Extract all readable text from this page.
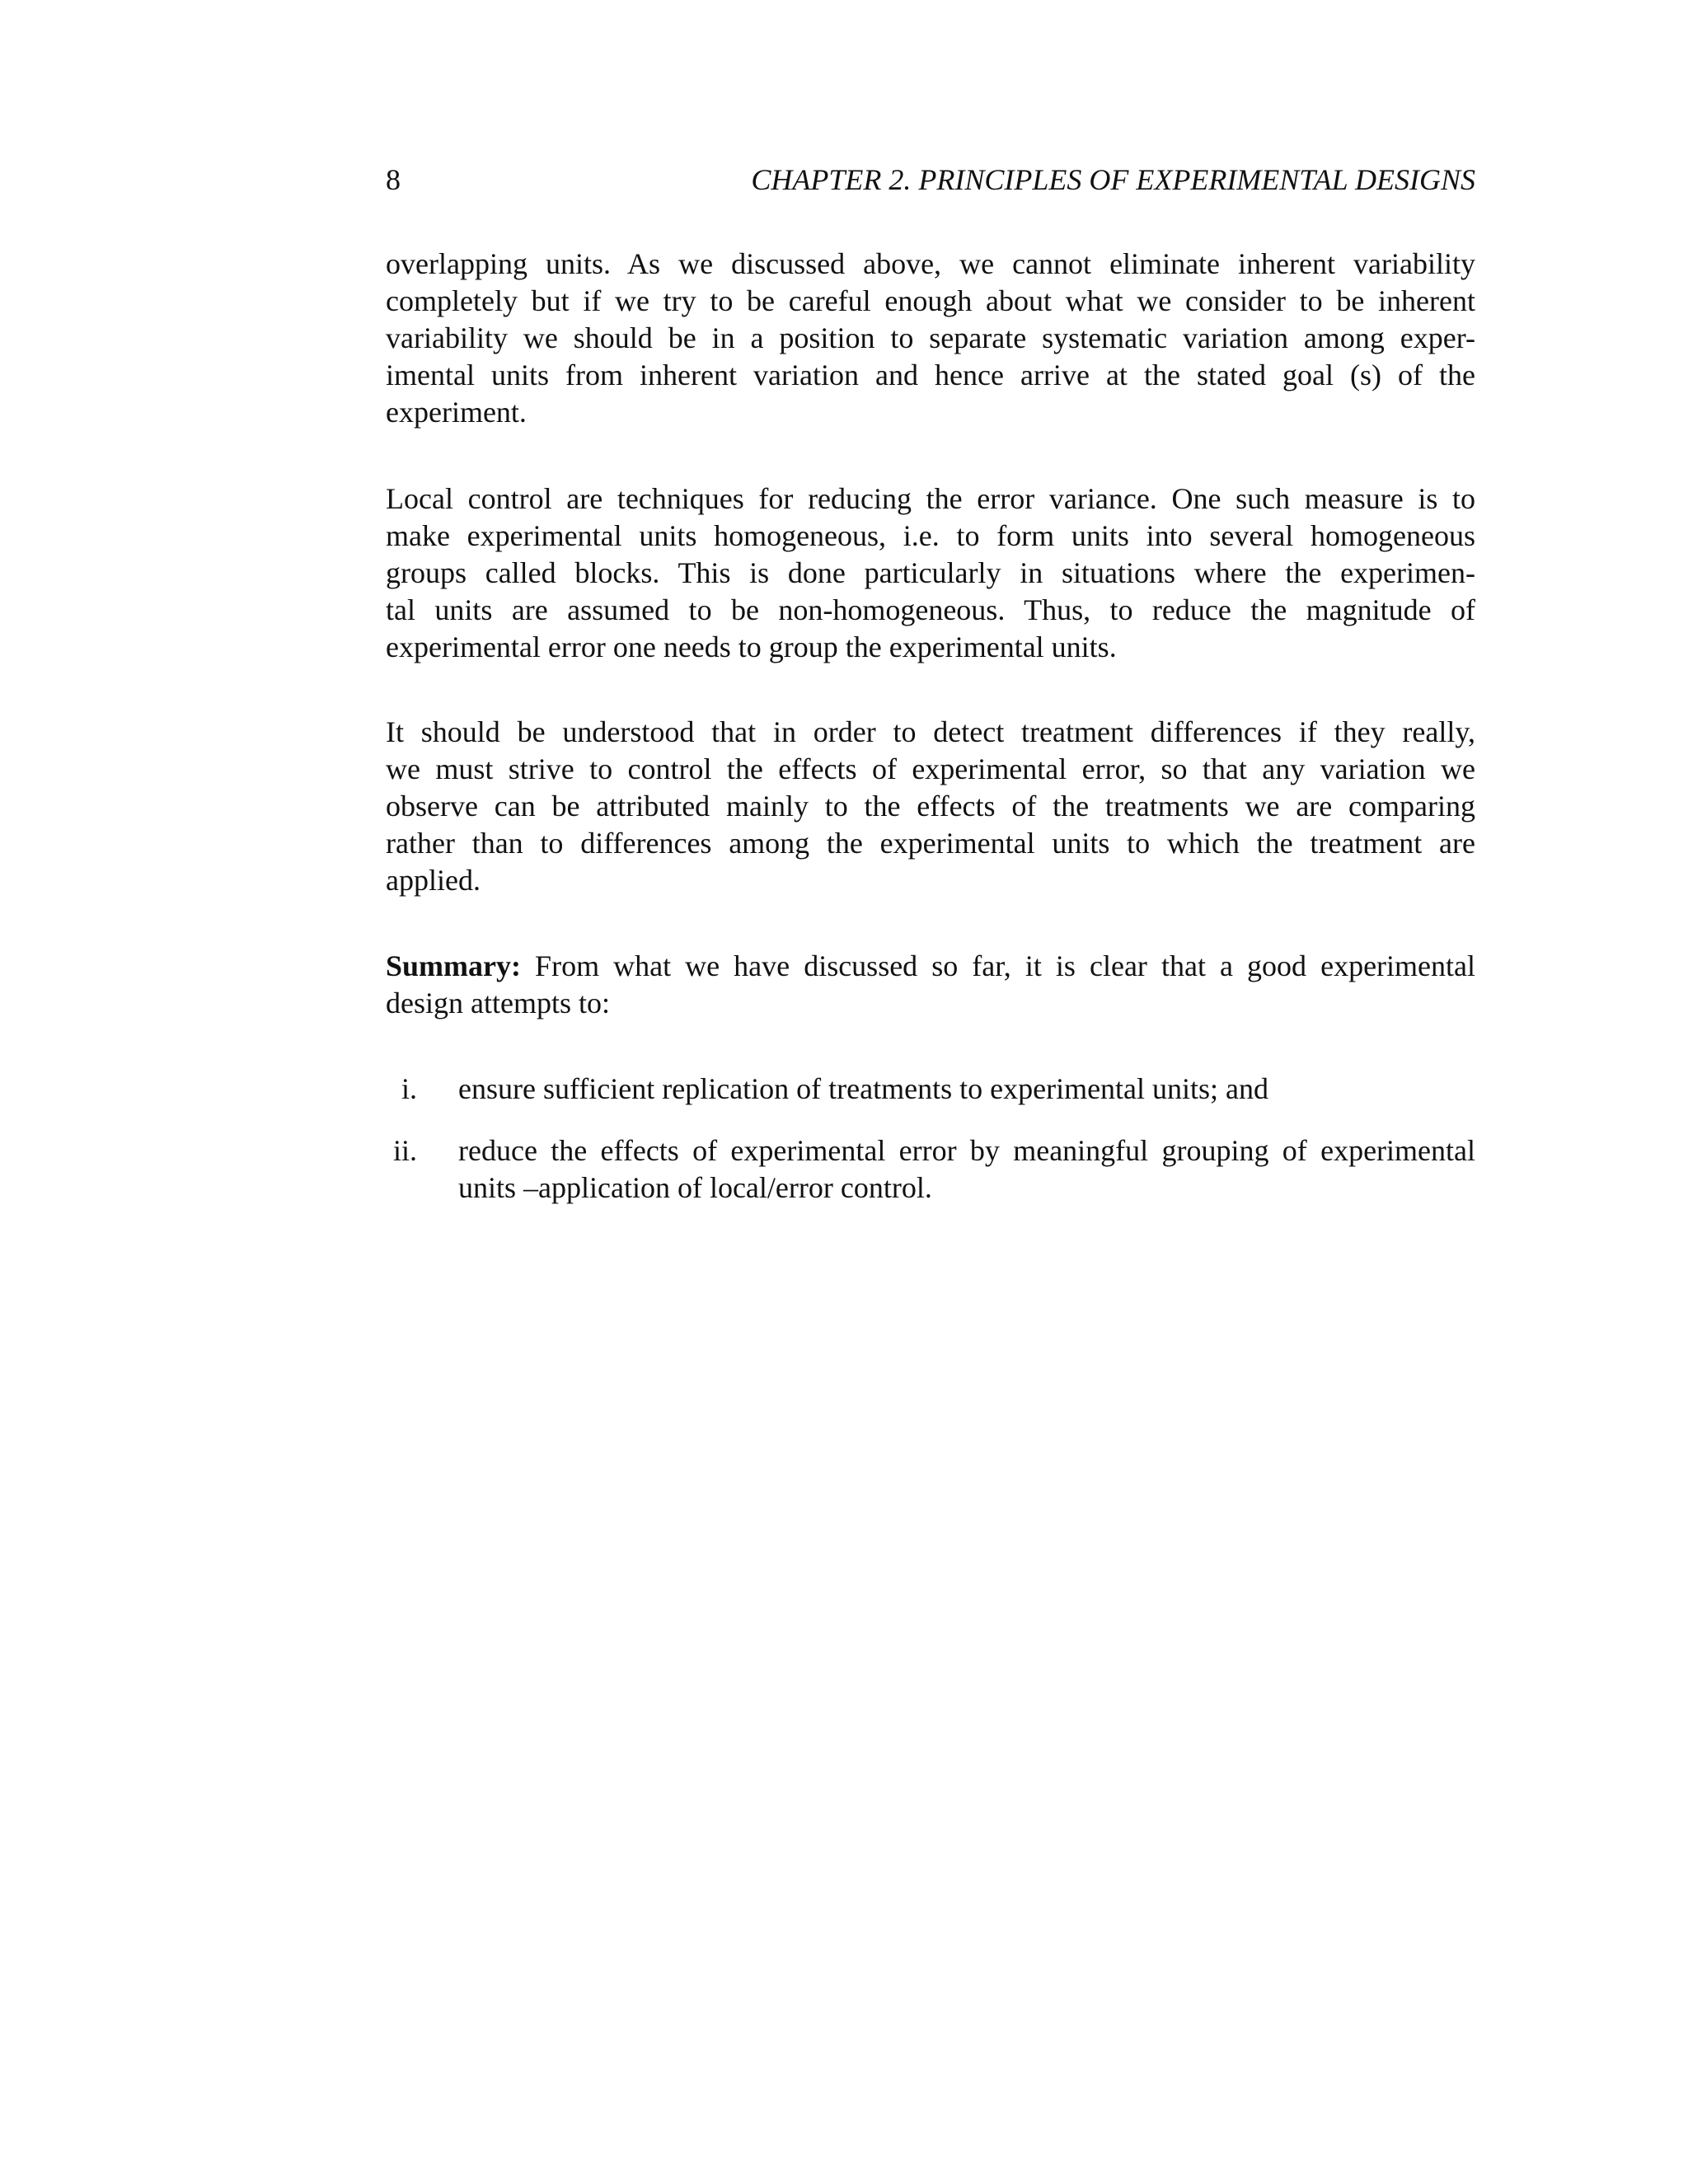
8	CHAPTER 2. PRINCIPLES OF EXPERIMENTAL DESIGNS
overlapping units. As we discussed above, we cannot eliminate inherent variability
completely but if we try to be careful enough about what we consider to be inherent
variability we should be in a position to separate systematic variation among exper-
imental units from inherent variation and hence arrive at the stated goal (s) of the
experiment.
Local control are techniques for reducing the error variance. One such measure is to
make experimental units homogeneous, i.e. to form units into several homogeneous
groups called blocks. This is done particularly in situations where the experimen-
tal units are assumed to be non-homogeneous. Thus, to reduce the magnitude of
experimental error one needs to group the experimental units.
It should be understood that in order to detect treatment differences if they really,
we must strive to control the effects of experimental error, so that any variation we
observe can be attributed mainly to the effects of the treatments we are comparing
rather than to differences among the experimental units to which the treatment are
applied.
Summary: From what we have discussed so far, it is clear that a good experimental
design attempts to:
i. ensure sufficient replication of treatments to experimental units; and
ii. reduce the effects of experimental error by meaningful grouping of experimental
units –application of local/error control.
